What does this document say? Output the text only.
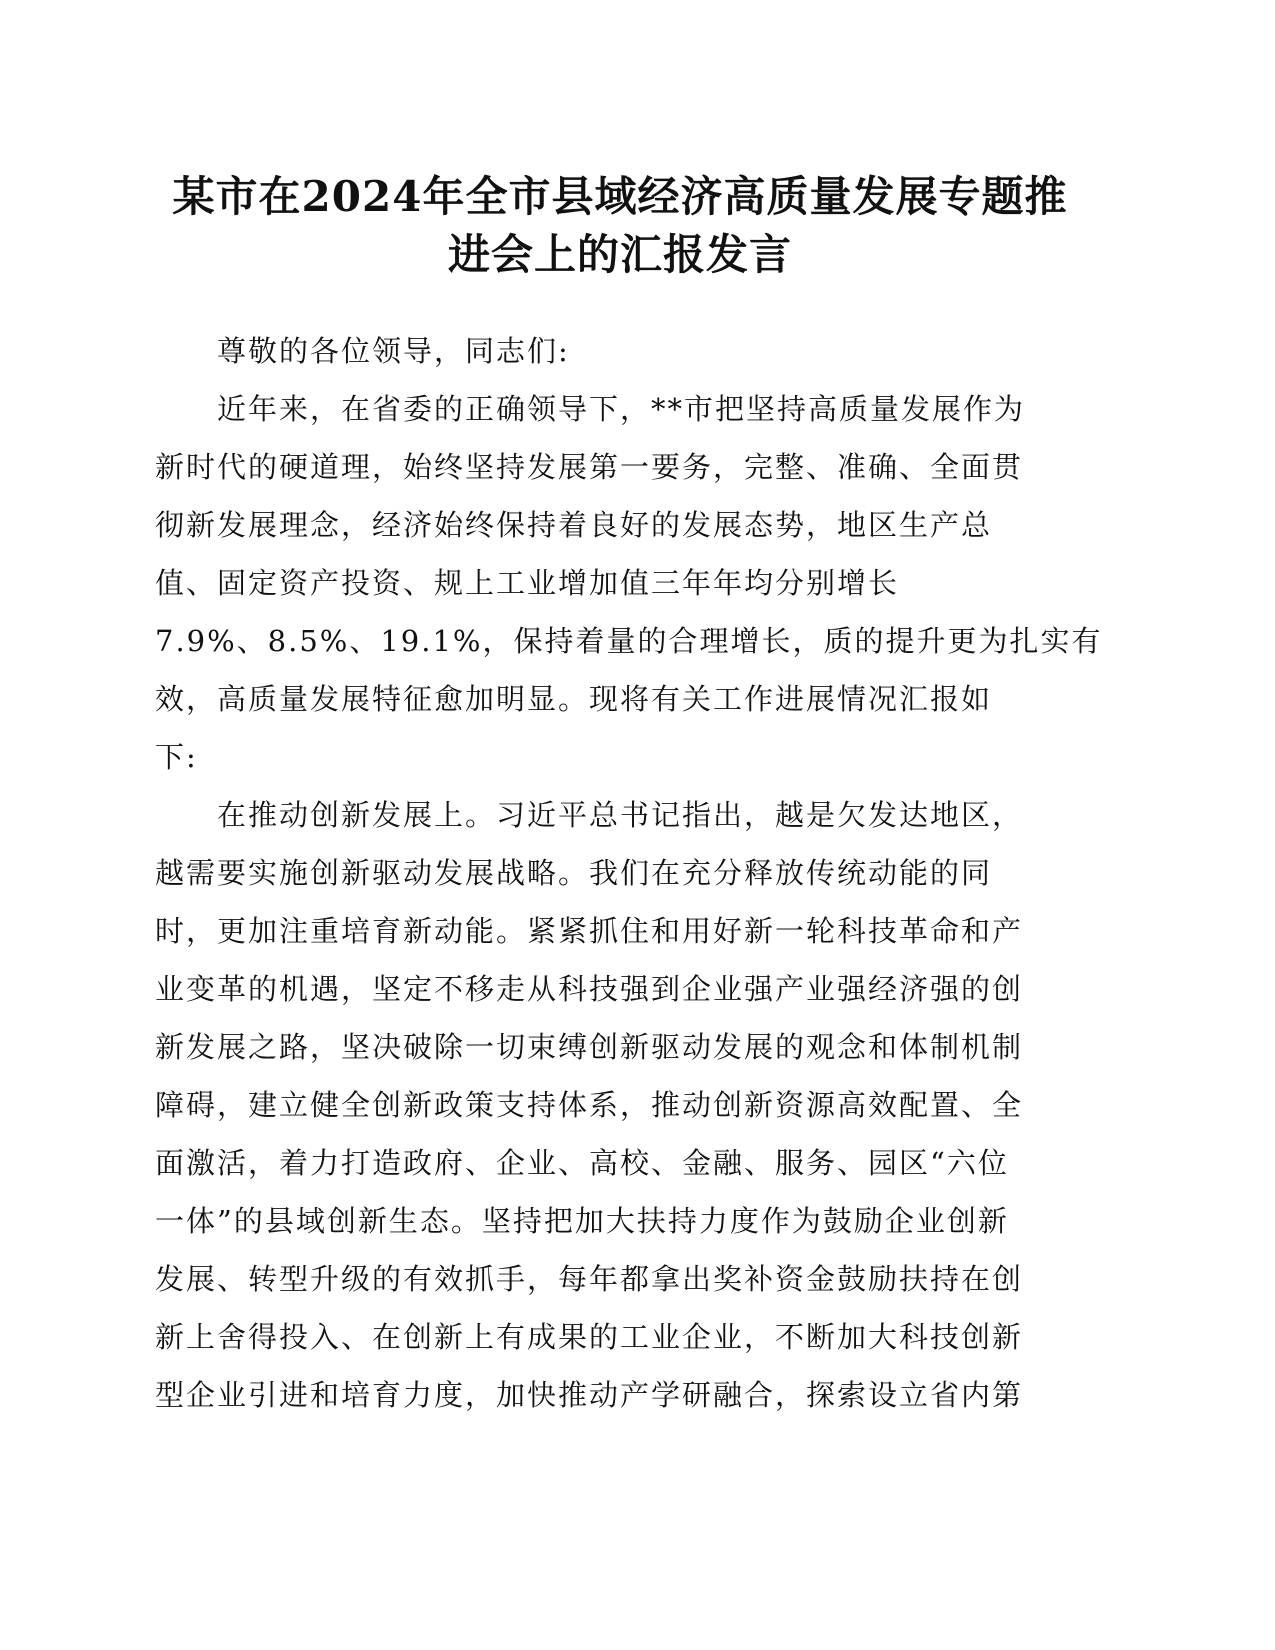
某市在2024年全市县域经济高质量发展专题推
进会上的汇报发言
尊敬的各位领导，同志们:
近年来，在省委的正确领导下，**市把坚持高质量发展作为
新时代的硬道理，始终坚持发展第一要务，完整、准确、全面贯
彻新发展理念，经济始终保持着良好的发展态势，地区生产总
值、固定资产投资、规上工业增加值三年年均分别增长
7.9%、8.5%、19.1%，保持着量的合理增长，质的提升更为扎实有
效，高质量发展特征愈加明显。现将有关工作进展情况汇报如
下:
在推动创新发展上。习近平总书记指出，越是欠发达地区，
越需要实施创新驱动发展战略。我们在充分释放传统动能的同
时，更加注重培育新动能。紧紧抓住和用好新一轮科技革命和产
业变革的机遇，坚定不移走从科技强到企业强产业强经济强的创
新发展之路，坚决破除一切束缚创新驱动发展的观念和体制机制
障碍，建立健全创新政策支持体系，推动创新资源高效配置、全
面激活，着力打造政府、企业、高校、金融、服务、园区“六位
一体”的县域创新生态。坚持把加大扶持力度作为鼓励企业创新
发展、转型升级的有效抓手，每年都拿出奖补资金鼓励扶持在创
新上舍得投入、在创新上有成果的工业企业，不断加大科技创新
型企业引进和培育力度，加快推动产学研融合，探索设立省内第
